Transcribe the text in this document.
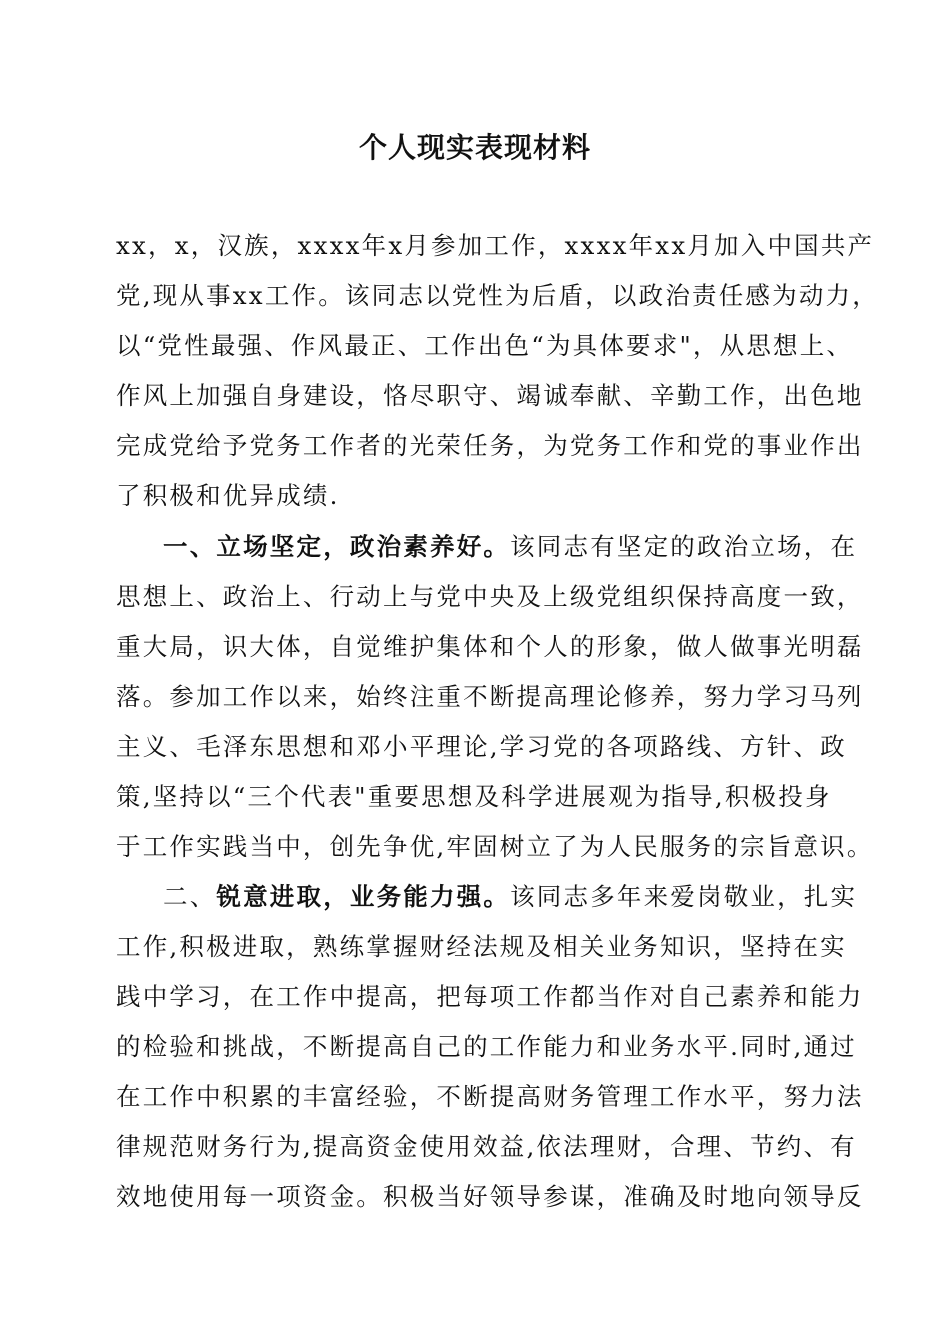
个人现实表现材料
xx，x，汉族，xxxx年x月参加工作，xxxx年xx月加入中国共产
党,现从事xx工作。该同志以党性为后盾，以政治责任感为动力，
以“党性最强、作风最正、工作出色“为具体要求"，从思想上、
作风上加强自身建设，恪尽职守、竭诚奉献、辛勤工作，出色地
完成党给予党务工作者的光荣任务，为党务工作和党的事业作出
了积极和优异成绩.
一、立场坚定，政治素养好。该同志有坚定的政治立场，在
思想上、政治上、行动上与党中央及上级党组织保持高度一致，
重大局，识大体，自觉维护集体和个人的形象，做人做事光明磊
落。参加工作以来，始终注重不断提高理论修养，努力学习马列
主义、毛泽东思想和邓小平理论,学习党的各项路线、方针、政
策,坚持以“三个代表"重要思想及科学进展观为指导,积极投身
于工作实践当中，创先争优,牢固树立了为人民服务的宗旨意识。
二、锐意进取，业务能力强。该同志多年来爱岗敬业，扎实
工作,积极进取，熟练掌握财经法规及相关业务知识，坚持在实
践中学习，在工作中提高，把每项工作都当作对自己素养和能力
的检验和挑战，不断提高自己的工作能力和业务水平.同时,通过
在工作中积累的丰富经验，不断提高财务管理工作水平，努力法
律规范财务行为,提高资金使用效益,依法理财，合理、节约、有
效地使用每一项资金。积极当好领导参谋，准确及时地向领导反
